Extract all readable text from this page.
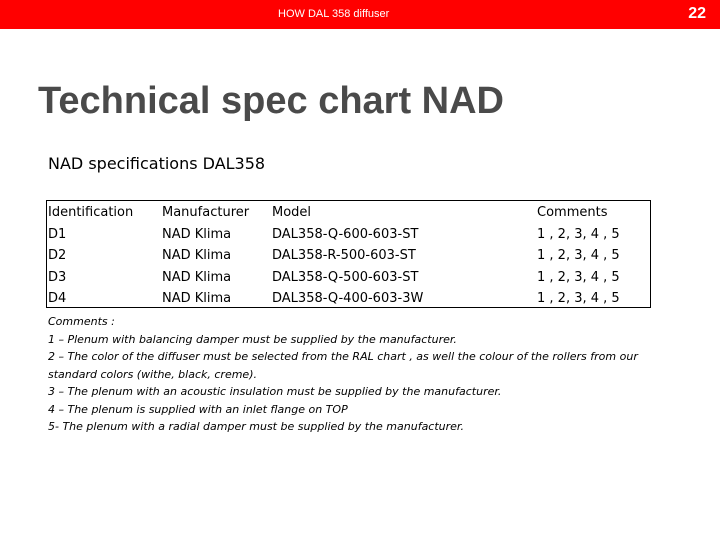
HOW DAL 358 diffuser	22
Technical spec chart NAD
NAD specifications DAL358
Identification	Manufacturer	Model	Comments
D1	NAD Klima	DAL358-Q-600-603-ST	1 , 2, 3, 4 , 5
D2	NAD Klima	DAL358-R-500-603-ST	1 , 2, 3, 4 , 5
D3	NAD Klima	DAL358-Q-500-603-ST	1 , 2, 3, 4 , 5
D4	NAD Klima	DAL358-Q-400-603-3W	1 , 2, 3, 4 , 5

Comments :

1 – Plenum with balancing damper must be supplied by the manufacturer.

2 – The color of the diffuser must be selected from the RAL chart , as well the colour of the rollers from our standard colors (withe, black, creme).

3 – The plenum with an acoustic insulation must be supplied by the manufacturer.

4 – The plenum is supplied with an inlet flange on TOP

5- The plenum with a radial damper must be supplied by the manufacturer.
